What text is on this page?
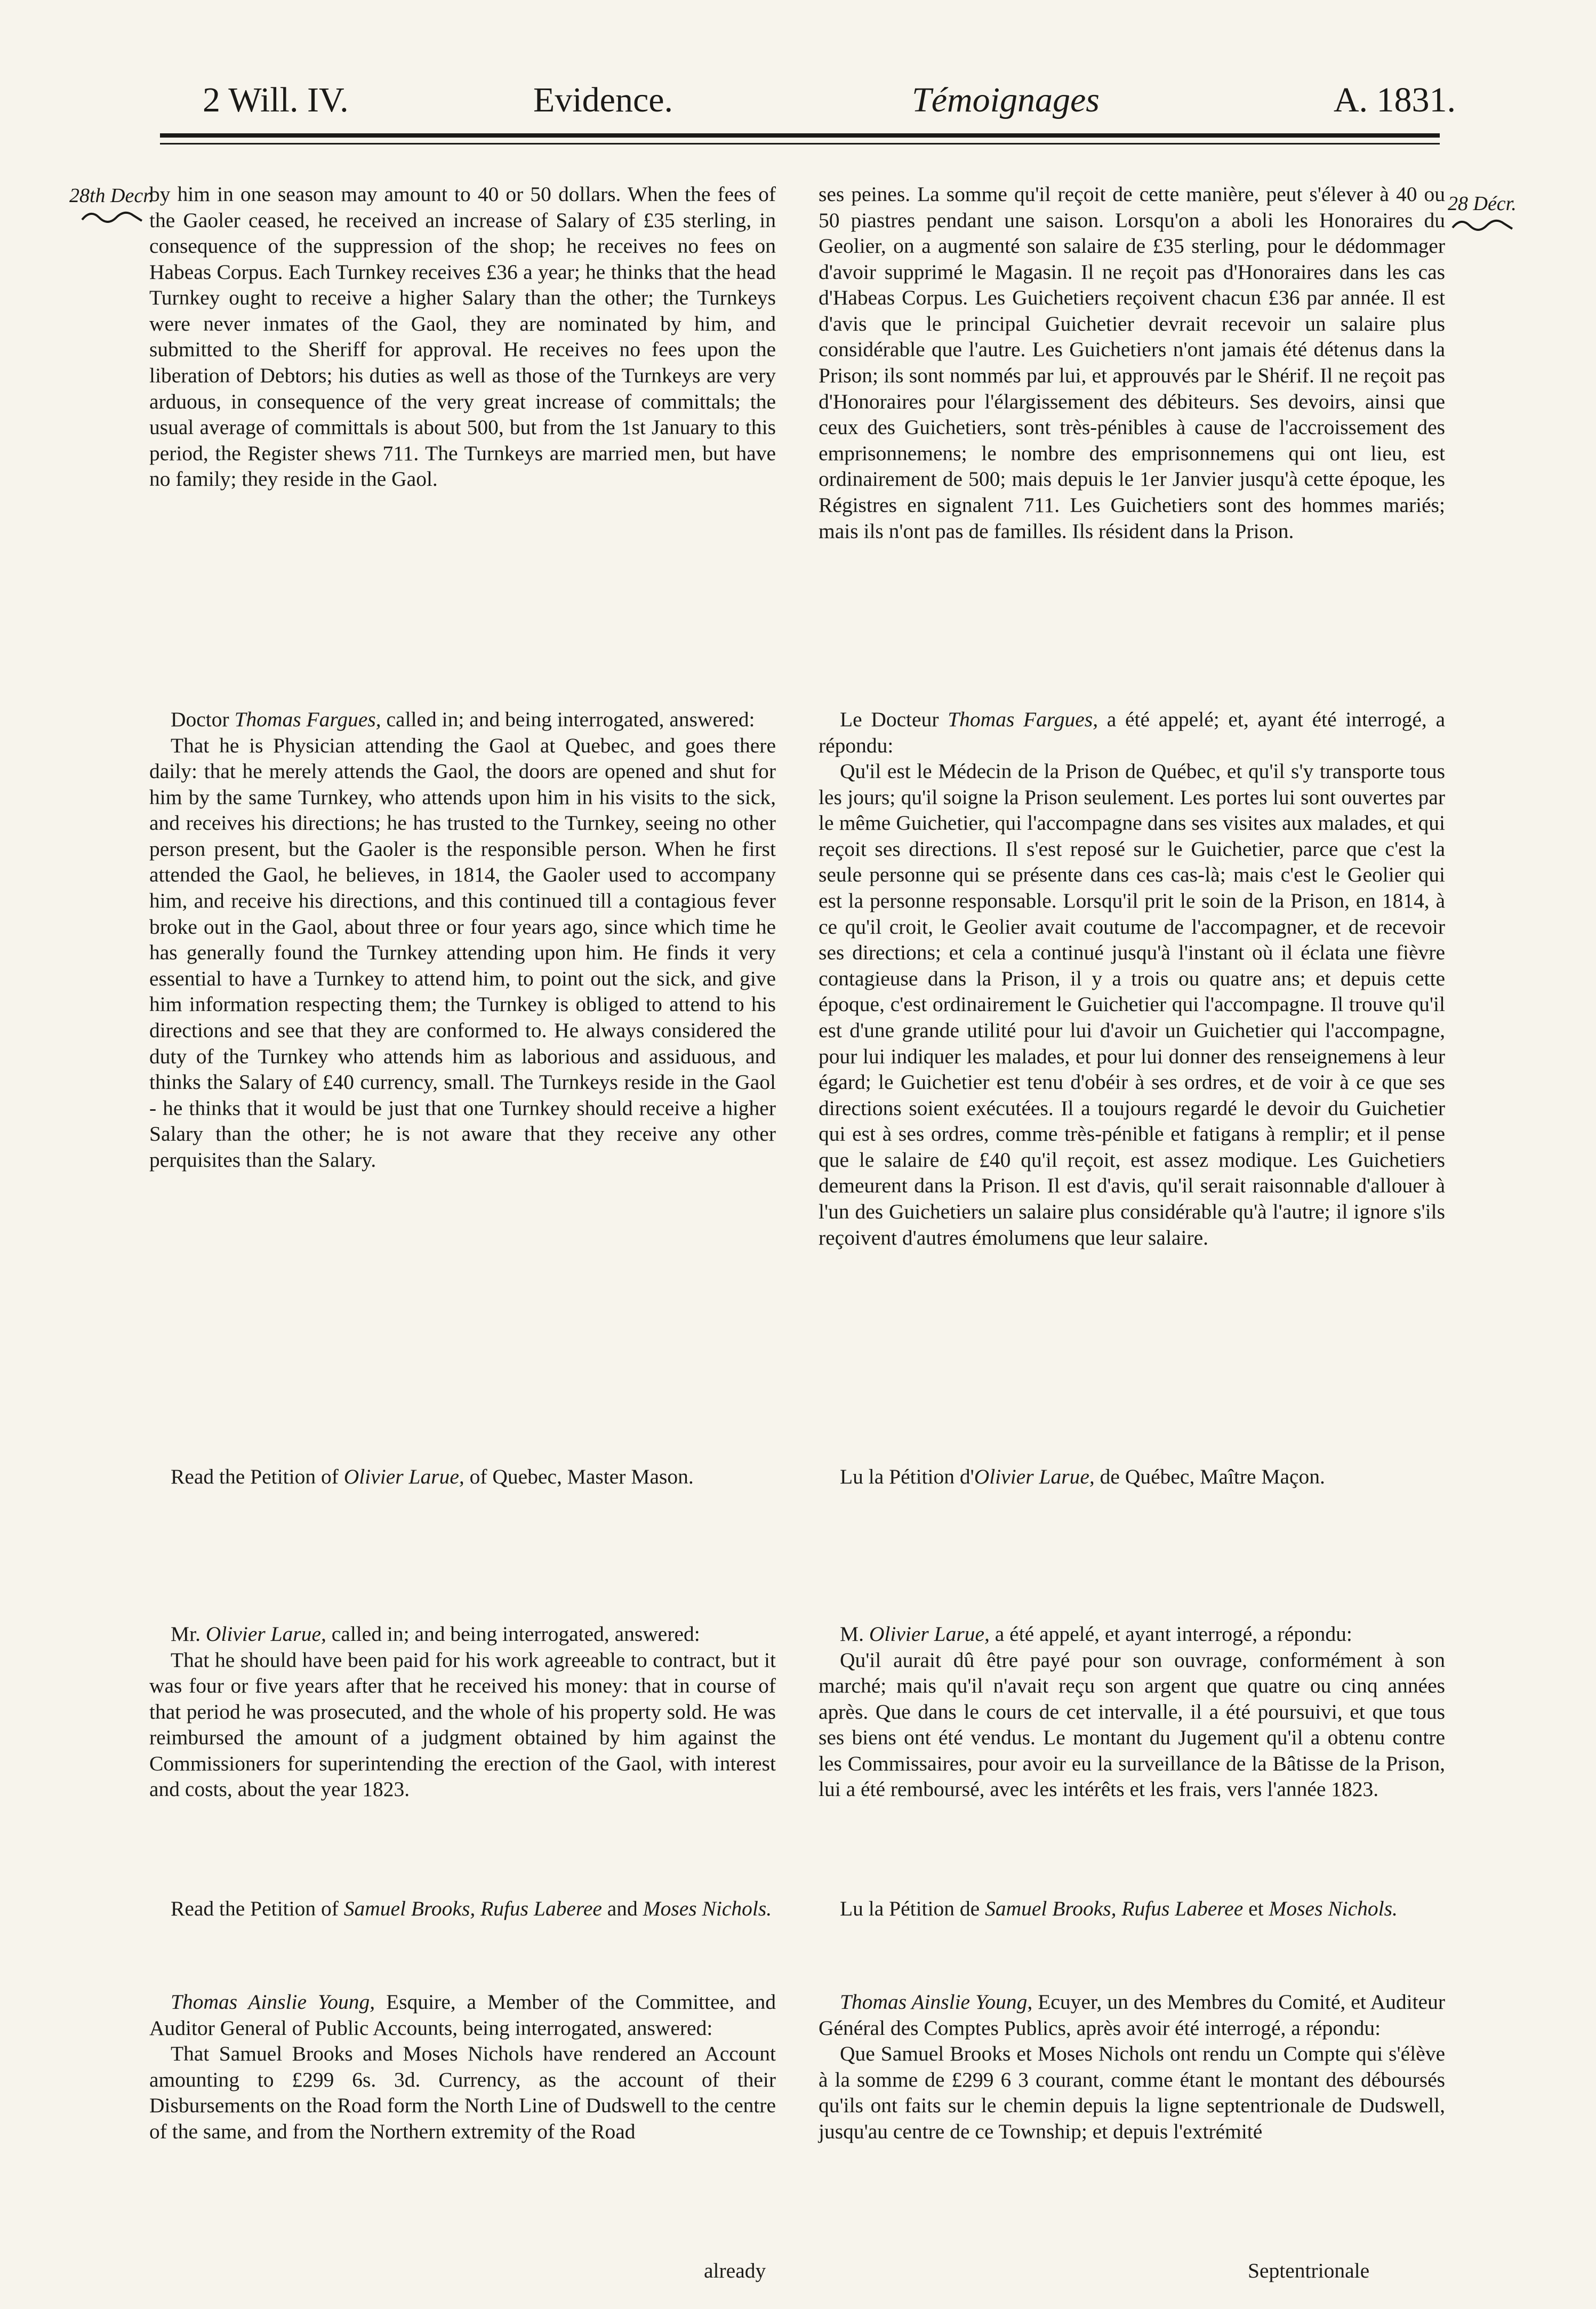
2 Will. IV.	Evidence.	Témoignages	A. 1831.
28th Decr.	28 Décr.

by him in one season may amount to 40 or 50 dollars. When the fees of the Gaoler ceased, he received an increase of Salary of £35 sterling, in consequence of the suppression of the shop; he receives no fees on Habeas Corpus. Each Turnkey receives £36 a year; he thinks that the head Turnkey ought to receive a higher Salary than the other; the Turnkeys were never inmates of the Gaol, they are nominated by him, and submitted to the Sheriff for approval. He receives no fees upon the liberation of Debtors; his duties as well as those of the Turnkeys are very arduous, in consequence of the very great increase of committals; the usual average of committals is about 500, but from the 1st January to this period, the Register shews 711. The Turnkeys are married men, but have no family; they reside in the Gaol.

ses peines. La somme qu'il reçoit de cette manière, peut s'élever à 40 ou 50 piastres pendant une saison. Lorsqu'on a aboli les Honoraires du Geolier, on a augmenté son salaire de £35 sterling, pour le dédommager d'avoir supprimé le Magasin. Il ne reçoit pas d'Honoraires dans les cas d'Habeas Corpus. Les Guichetiers reçoivent chacun £36 par année. Il est d'avis que le principal Guichetier devrait recevoir un salaire plus considérable que l'autre. Les Guichetiers n'ont jamais été détenus dans la Prison; ils sont nommés par lui, et approuvés par le Shérif. Il ne reçoit pas d'Honoraires pour l'élargissement des débiteurs. Ses devoirs, ainsi que ceux des Guichetiers, sont très-pénibles à cause de l'accroissement des emprisonnemens; le nombre des emprisonnemens qui ont lieu, est ordinairement de 500; mais depuis le 1er Janvier jusqu'à cette époque, les Régistres en signalent 711. Les Guichetiers sont des hommes mariés; mais ils n'ont pas de familles. Ils résident dans la Prison.

Doctor Thomas Fargues, called in; and being interrogated, answered:

That he is Physician attending the Gaol at Quebec, and goes there daily: that he merely attends the Gaol, the doors are opened and shut for him by the same Turnkey, who attends upon him in his visits to the sick, and receives his directions; he has trusted to the Turnkey, seeing no other person present, but the Gaoler is the responsible person. When he first attended the Gaol, he believes, in 1814, the Gaoler used to accompany him, and receive his directions, and this continued till a contagious fever broke out in the Gaol, about three or four years ago, since which time he has generally found the Turnkey attending upon him. He finds it very essential to have a Turnkey to attend him, to point out the sick, and give him information respecting them; the Turnkey is obliged to attend to his directions and see that they are conformed to. He always considered the duty of the Turnkey who attends him as laborious and assiduous, and thinks the Salary of £40 currency, small. The Turnkeys reside in the Gaol - he thinks that it would be just that one Turnkey should receive a higher Salary than the other; he is not aware that they receive any other perquisites than the Salary.

Le Docteur Thomas Fargues, a été appelé; et, ayant été interrogé, a répondu:

Qu'il est le Médecin de la Prison de Québec, et qu'il s'y transporte tous les jours; qu'il soigne la Prison seulement. Les portes lui sont ouvertes par le même Guichetier, qui l'accompagne dans ses visites aux malades, et qui reçoit ses directions. Il s'est reposé sur le Guichetier, parce que c'est la seule personne qui se présente dans ces cas-là; mais c'est le Geolier qui est la personne responsable. Lorsqu'il prit le soin de la Prison, en 1814, à ce qu'il croit, le Geolier avait coutume de l'accompagner, et de recevoir ses directions; et cela a continué jusqu'à l'instant où il éclata une fièvre contagieuse dans la Prison, il y a trois ou quatre ans; et depuis cette époque, c'est ordinairement le Guichetier qui l'accompagne. Il trouve qu'il est d'une grande utilité pour lui d'avoir un Guichetier qui l'accompagne, pour lui indiquer les malades, et pour lui donner des renseignemens à leur égard; le Guichetier est tenu d'obéir à ses ordres, et de voir à ce que ses directions soient exécutées. Il a toujours regardé le devoir du Guichetier qui est à ses ordres, comme très-pénible et fatigans à remplir; et il pense que le salaire de £40 qu'il reçoit, est assez modique. Les Guichetiers demeurent dans la Prison. Il est d'avis, qu'il serait raisonnable d'allouer à l'un des Guichetiers un salaire plus considérable qu'à l'autre; il ignore s'ils reçoivent d'autres émolumens que leur salaire.

Read the Petition of Olivier Larue, of Quebec, Master Mason.	Lu la Pétition d'Olivier Larue, de Québec, Maître Maçon.

Mr. Olivier Larue, called in; and being interrogated, answered:

That he should have been paid for his work agreeable to contract, but it was four or five years after that he received his money: that in course of that period he was prosecuted, and the whole of his property sold. He was reimbursed the amount of a judgment obtained by him against the Commissioners for superintending the erection of the Gaol, with interest and costs, about the year 1823.

M. Olivier Larue, a été appelé, et ayant interrogé, a répondu:

Qu'il aurait dû être payé pour son ouvrage, conformément à son marché; mais qu'il n'avait reçu son argent que quatre ou cinq années après. Que dans le cours de cet intervalle, il a été poursuivi, et que tous ses biens ont été vendus. Le montant du Jugement qu'il a obtenu contre les Commissaires, pour avoir eu la surveillance de la Bâtisse de la Prison, lui a été remboursé, avec les intérêts et les frais, vers l'année 1823.

Read the Petition of Samuel Brooks, Rufus Laberee and Moses Nichols.	Lu la Pétition de Samuel Brooks, Rufus Laberee et Moses Nichols.

Thomas Ainslie Young, Esquire, a Member of the Committee, and Auditor General of Public Accounts, being interrogated, answered:

That Samuel Brooks and Moses Nichols have rendered an Account amounting to £299 6s. 3d. Currency, as the account of their Disbursements on the Road form the North Line of Dudswell to the centre of the same, and from the Northern extremity of the Road

Thomas Ainslie Young, Ecuyer, un des Membres du Comité, et Auditeur Général des Comptes Publics, après avoir été interrogé, a répondu:

Que Samuel Brooks et Moses Nichols ont rendu un Compte qui s'élève à la somme de £299 6 3 courant, comme étant le montant des déboursés qu'ils ont faits sur le chemin depuis la ligne septentrionale de Dudswell, jusqu'au centre de ce Township; et depuis l'extrémité

already	Septentrionale
